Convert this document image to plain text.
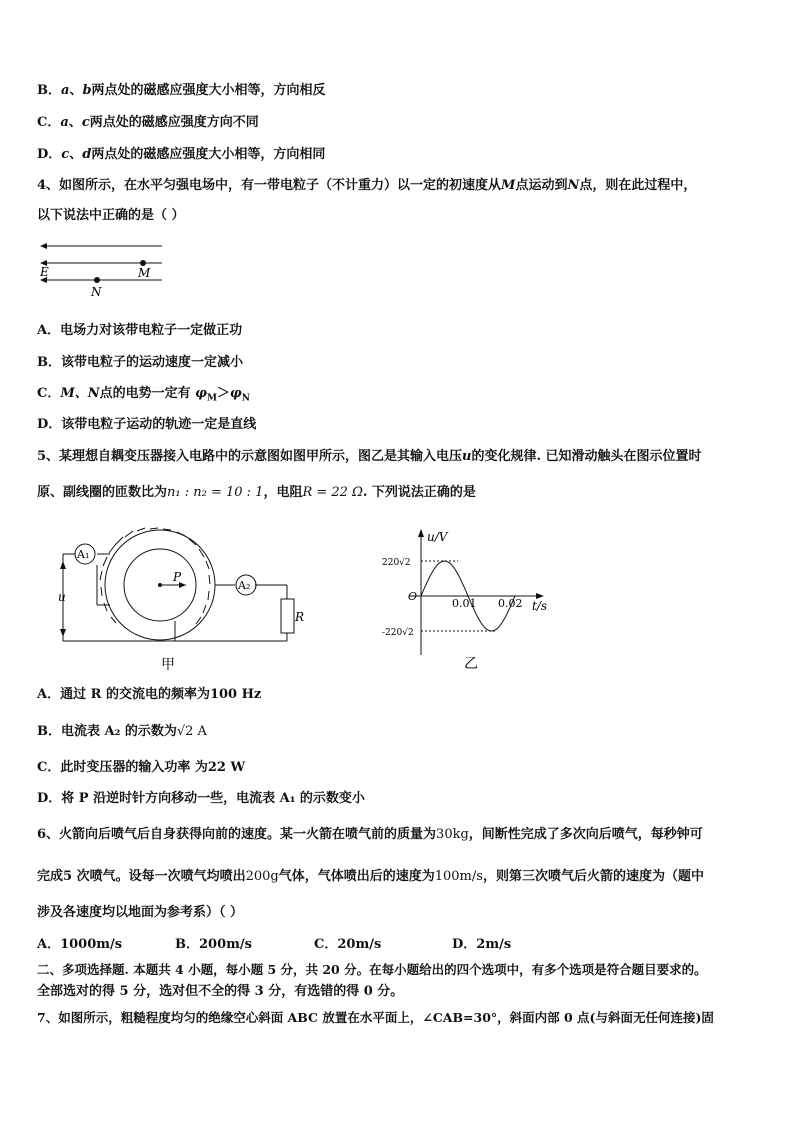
B．a、b两点处的磁感应强度大小相等，方向相反
C．a、c两点处的磁感应强度方向不同
D．c、d两点处的磁感应强度大小相等，方向相同
4、如图所示，在水平匀强电场中，有一带电粒子（不计重力）以一定的初速度从M点运动到N点，则在此过程中，
以下说法中正确的是（ ）
E	M
N
A．电场力对该带电粒子一定做正功
B．该带电粒子的运动速度一定减小
C．M、N点的电势一定有 $\varphi_M>\varphi_N$
D．该带电粒子运动的轨迹一定是直线
5、某理想自耦变压器接入电路中的示意图如图甲所示，图乙是其输入电压u的变化规律. 已知滑动触头在图示位置时
原、副线圈的匝数比为n₁ : n₂ = 10 : 1，电阻R = 22 Ω. 下列说法正确的是
A₁
A₂
P
u
R
甲
u/V
220√2
-220√2
O
0.01 0.02 t/s
乙
A．通过 R 的交流电的频率为100 Hz
B．电流表 A₂ 的示数为√2 A
C．此时变压器的输入功率 为22 W
D．将 P 沿逆时针方向移动一些，电流表 A₁ 的示数变小
6、火箭向后喷气后自身获得向前的速度。某一火箭在喷气前的质量为30kg，间断性完成了多次向后喷气，每秒钟可
完成5 次喷气。设每一次喷气均喷出200g气体，气体喷出后的速度为100m/s，则第三次喷气后火箭的速度为（题中
涉及各速度均以地面为参考系）（ ）
A．1000m/s	B．200m/s	C．20m/s	D．2m/s
二、多项选择题. 本题共 4 小题，每小题 5 分，共 20 分。在每小题给出的四个选项中，有多个选项是符合题目要求的。
全部选对的得 5 分，选对但不全的得 3 分，有选错的得 0 分。
7、如图所示，粗糙程度均匀的绝缘空心斜面 ABC 放置在水平面上，∠CAB=30°，斜面内部 0 点(与斜面无任何连接)固
